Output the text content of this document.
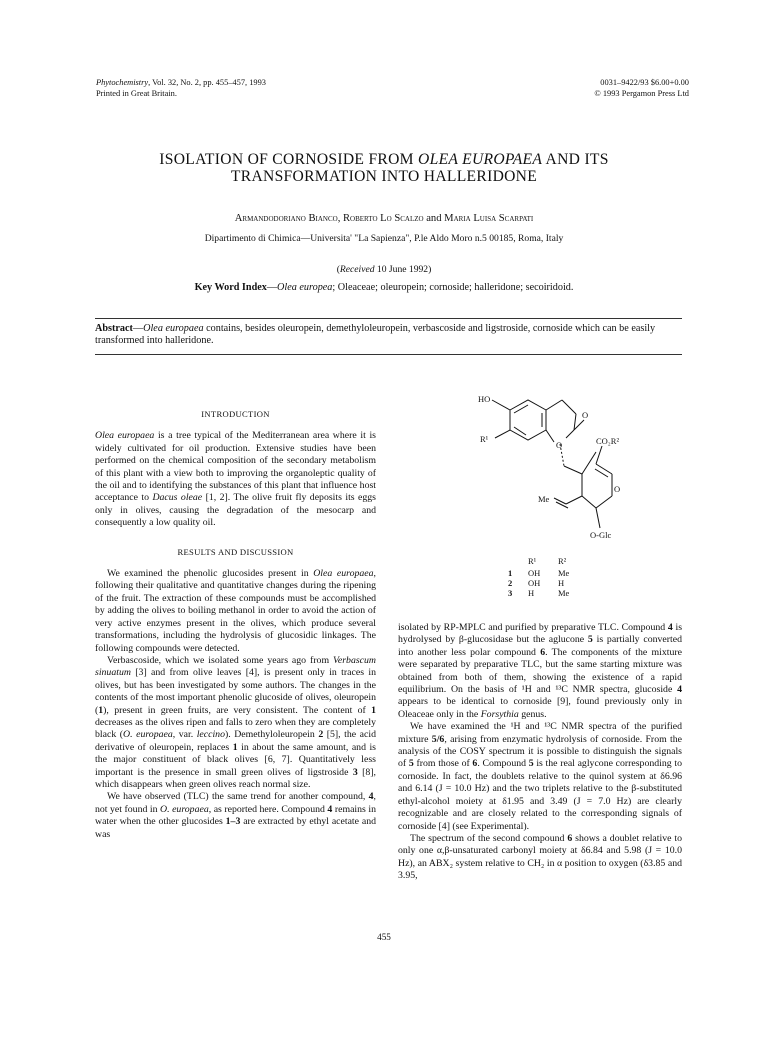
Phytochemistry, Vol. 32, No. 2, pp. 455–457, 1993
Printed in Great Britain.
0031–9422/93 $6.00+0.00
© 1993 Pergamon Press Ltd
ISOLATION OF CORNOSIDE FROM OLEA EUROPAEA AND ITS
TRANSFORMATION INTO HALLERIDONE
Armandodoriano Bianco, Roberto Lo Scalzo and Maria Luisa Scarpati
Dipartimento di Chimica—Universita' "La Sapienza", P.le Aldo Moro n.5 00185, Roma, Italy
(Received 10 June 1992)
Key Word Index—Olea europea; Oleaceae; oleuropein; cornoside; halleridone; secoiridoid.
Abstract—Olea europaea contains, besides oleuropein, demethyloleuropein, verbascoside and ligstroside, cornoside which can be easily transformed into halleridone.
INTRODUCTION

Olea europaea is a tree typical of the Mediterranean area where it is widely cultivated for oil production. Extensive studies have been performed on the chemical composition of the secondary metabolism of this plant with a view both to improving the organoleptic quality of the oil and to identifying the substances of this plant that influence host acceptance to Dacus oleae [1, 2]. The olive fruit fly deposits its eggs only in olives, causing the degradation of the mesocarp and consequently a low quality oil.

RESULTS AND DISCUSSION

We examined the phenolic glucosides present in Olea europaea, following their qualitative and quantitative changes during the ripening of the fruit. The extraction of these compounds must be accomplished by adding the olives to boiling methanol in order to avoid the action of very active enzymes present in the olives, which produce several transformations, including the hydrolysis of glucosidic linkages. The following compounds were detected.

Verbascoside, which we isolated some years ago from Verbascum sinuatum [3] and from olive leaves [4], is present only in traces in olives, but has been investigated by some authors. The changes in the contents of the most important phenolic glucoside of olives, oleuropein (1), present in green fruits, are very consistent. The content of 1 decreases as the olives ripen and falls to zero when they are completely black (O. europaea, var. leccino). Demethyloleuropein 2 [5], the acid derivative of oleuropein, replaces 1 in about the same amount, and is the major constituent of black olives [6, 7]. Quantitatively less important is the presence in small green olives of ligstroside 3 [8], which disappears when green olives reach normal size.

We have observed (TLC) the same trend for another compound, 4, not yet found in O. europaea, as reported here. Compound 4 remains in water when the other glucosides 1–3 are extracted by ethyl acetate and was

HO
R¹
O
O
CO₂R²
Me
O
O-Glc
R¹	R²
1 OH Me
2 OH H
3 H	Me

isolated by RP-MPLC and purified by preparative TLC. Compound 4 is hydrolysed by β-glucosidase but the aglucone 5 is partially converted into another less polar compound 6. The components of the mixture were separated by preparative TLC, but the same starting mixture was obtained from both of them, showing the existence of a rapid equilibrium. On the basis of ¹H and ¹³C NMR spectra, glucoside 4 appears to be identical to cornoside [9], found previously only in Oleaceae only in the Forsythia genus.

We have examined the ¹H and ¹³C NMR spectra of the purified mixture 5/6, arising from enzymatic hydrolysis of cornoside. From the analysis of the COSY spectrum it is possible to distinguish the signals of 5 from those of 6. Compound 5 is the real aglycone corresponding to cornoside. In fact, the doublets relative to the quinol system at δ6.96 and 6.14 (J = 10.0 Hz) and the two triplets relative to the β-substituted ethyl-alcohol moiety at δ1.95 and 3.49 (J = 7.0 Hz) are clearly recognizable and are closely related to the corresponding signals of cornoside [4] (see Experimental).

The spectrum of the second compound 6 shows a doublet relative to only one α,β-unsaturated carbonyl moiety at δ6.84 and 5.98 (J = 10.0 Hz), an ABX₂ system relative to CH₂ in α position to oxygen (δ3.85 and 3.95,

455
